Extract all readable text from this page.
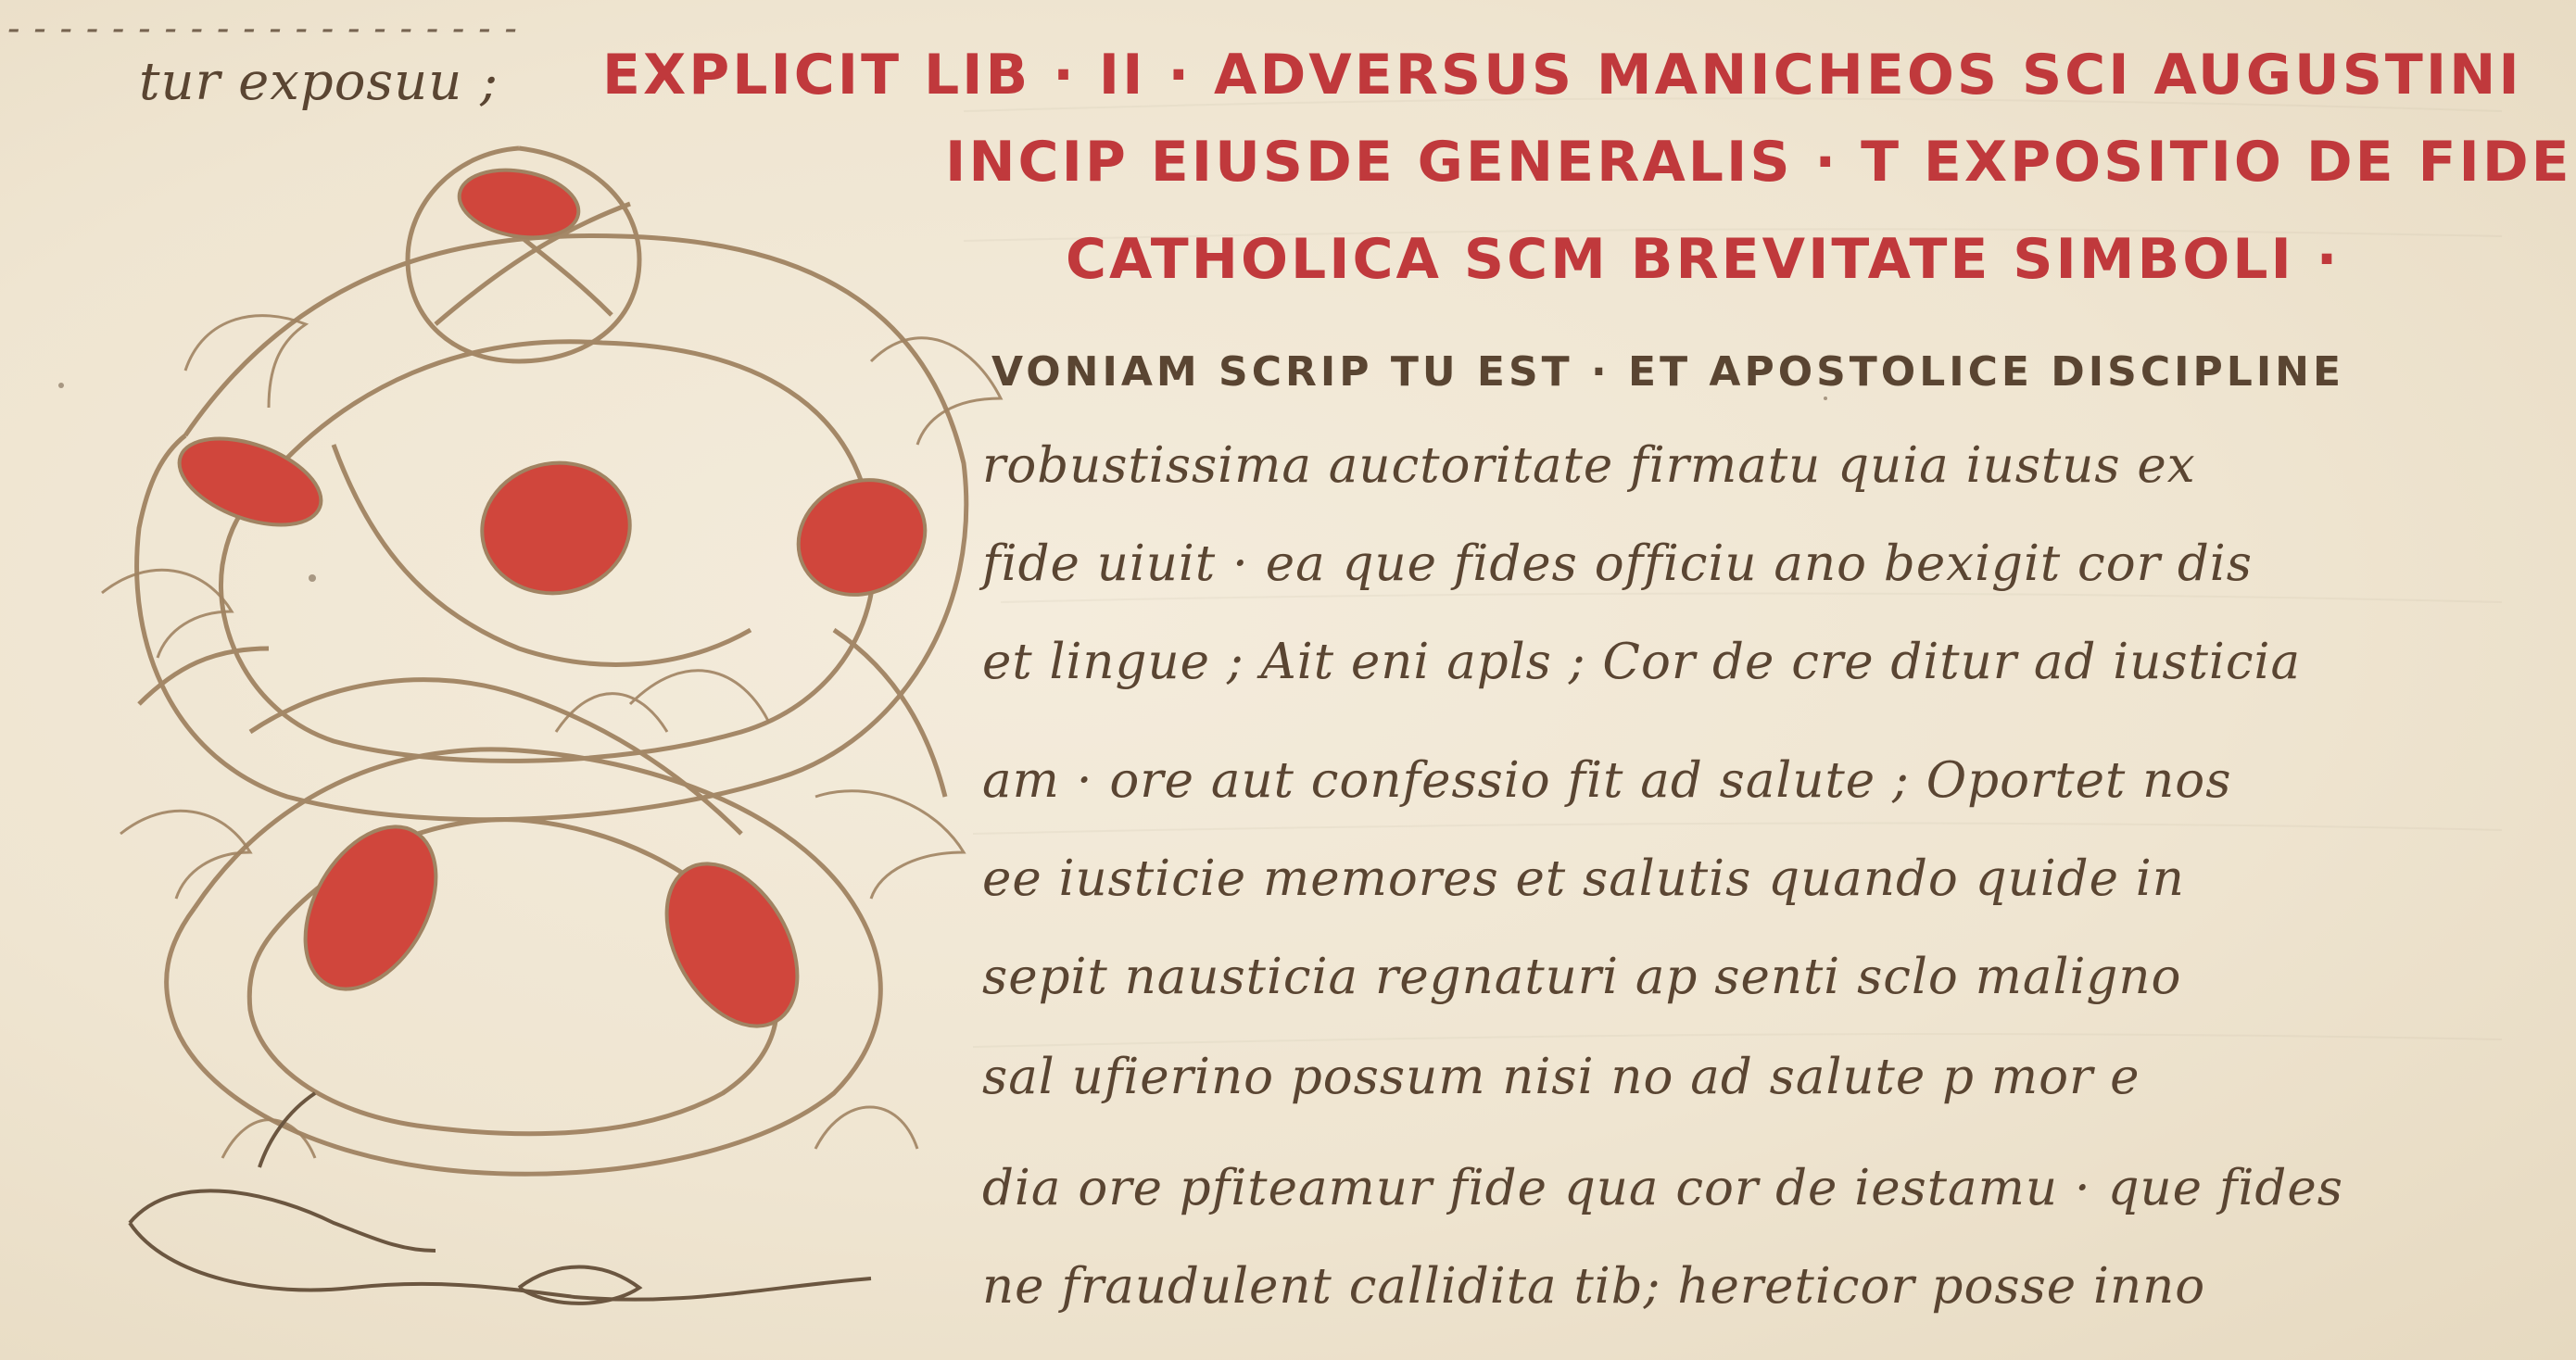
- - - - - - - - - - - - - - - - - - - -
tur exposuu ; EXPLICIT LIB · II · ADVERSUS MANICHEOS SCI AUGUSTINI
INCIP EIUSDE GENERALIS · T EXPOSITIO DE FIDE
CATHOLICA SCM BREVITATE SIMBOLI ·
VONIAM SCRIP TU EST · ET APOSTOLICE DISCIPLINE
robustissima auctoritate firmatu quia iustus ex
fide uiuit · ea que fides officiu ano bexigit cor dis
et lingue ; Ait eni apls ; Cor de cre ditur ad iusticia
am · ore aut confessio fit ad salute ; Oportet nos
ee iusticie memores et salutis quando quide in
sepit nausticia regnaturi ap senti sclo maligno
sal ufierino possum nisi no ad salute p mor e
dia ore pfiteamur fide qua cor de iestamu · que fides
ne fraudulent callidita tib; hereticor posse inno
